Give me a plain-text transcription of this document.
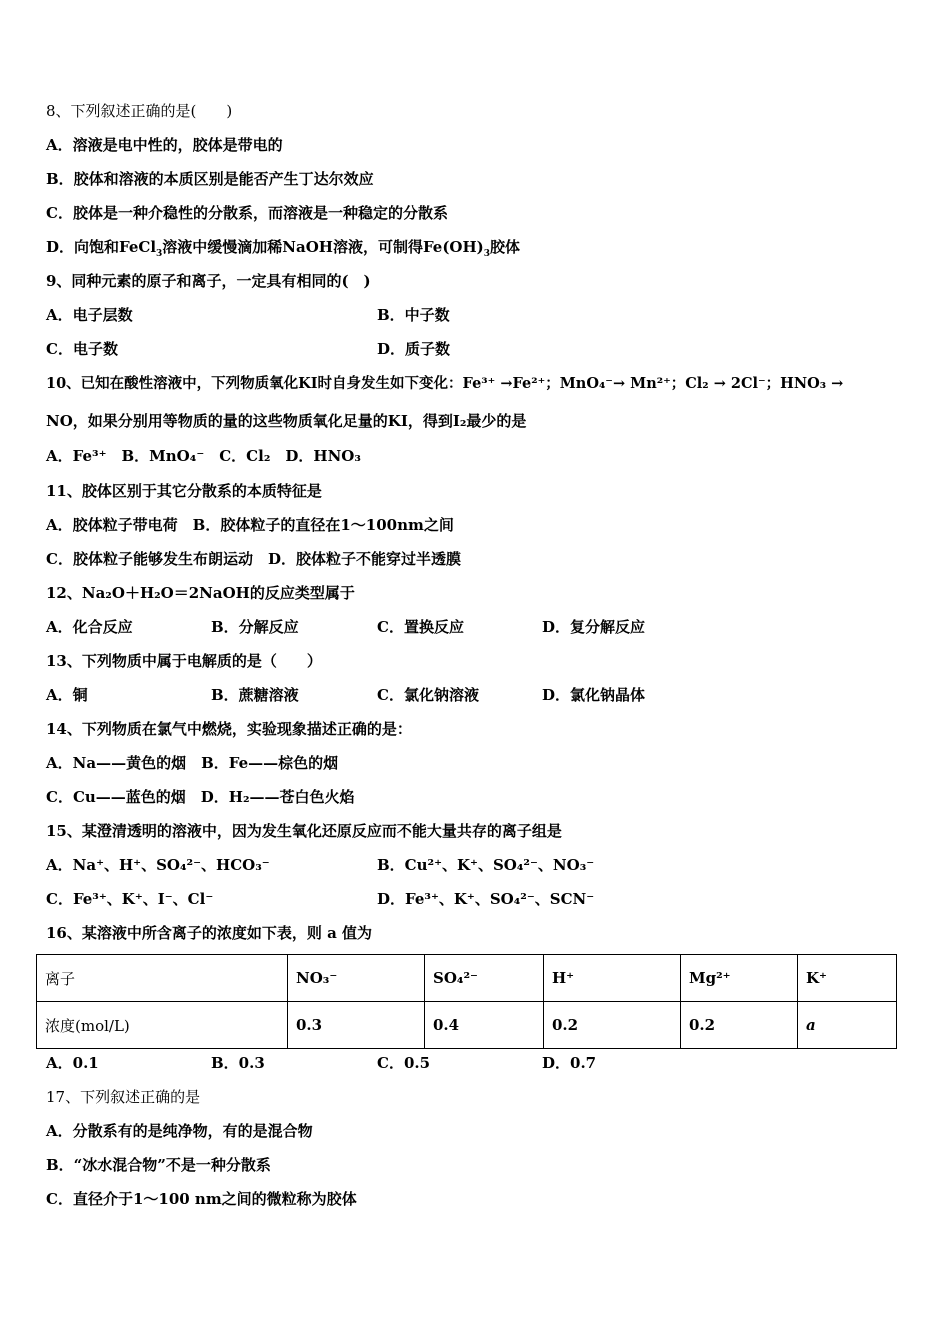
8、下列叙述正确的是(　　)
A．溶液是电中性的，胶体是带电的
B．胶体和溶液的本质区别是能否产生丁达尔效应
C．胶体是一种介稳性的分散系，而溶液是一种稳定的分散系
D．向饱和FeCl$_3$溶液中缓慢滴加稀NaOH溶液，可制得$Fe(OH)_3$胶体
9、同种元素的原子和离子，一定具有相同的(　)
A．电子层数	B．中子数
C．电子数	D．质子数
10、已知在酸性溶液中，下列物质氧化KI时自身发生如下变化：Fe³⁺ →Fe²⁺；MnO₄⁻→ Mn²⁺；Cl₂ → 2Cl⁻；HNO₃ →
NO，如果分别用等物质的量的这些物质氧化足量的KI，得到I₂最少的是
A．Fe³⁺　B．MnO₄⁻　C．Cl₂　D．HNO₃
11、胶体区别于其它分散系的本质特征是
A．胶体粒子带电荷　B．胶体粒子的直径在1～100nm之间
C．胶体粒子能够发生布朗运动　D．胶体粒子不能穿过半透膜
12、Na₂O＋H₂O＝2NaOH的反应类型属于
A．化合反应	B．分解反应	C．置换反应	D．复分解反应
13、下列物质中属于电解质的是（　　）
A．铜	B．蔗糖溶液	C．氯化钠溶液	D．氯化钠晶体
14、下列物质在氯气中燃烧，实验现象描述正确的是：
A．Na——黄色的烟　B．Fe——棕色的烟
C．Cu——蓝色的烟　D．H₂——苍白色火焰
15、某澄清透明的溶液中，因为发生氧化还原反应而不能大量共存的离子组是
A．Na⁺、H⁺、SO₄²⁻、HCO₃⁻	B．Cu²⁺、K⁺、SO₄²⁻、NO₃⁻
C．Fe³⁺、K⁺、I⁻、Cl⁻	D．Fe³⁺、K⁺、SO₄²⁻、SCN⁻
16、某溶液中所含离子的浓度如下表，则 a 值为
离子	NO₃⁻	SO₄²⁻	H⁺	Mg²⁺	K⁺
浓度(mol/L)	0.3	0.4	0.2	0.2	a
A．0.1	B．0.3	C．0.5	D．0.7
17、下列叙述正确的是
A．分散系有的是纯净物，有的是混合物
B．“冰水混合物”不是一种分散系
C．直径介于1～100 nm之间的微粒称为胶体
